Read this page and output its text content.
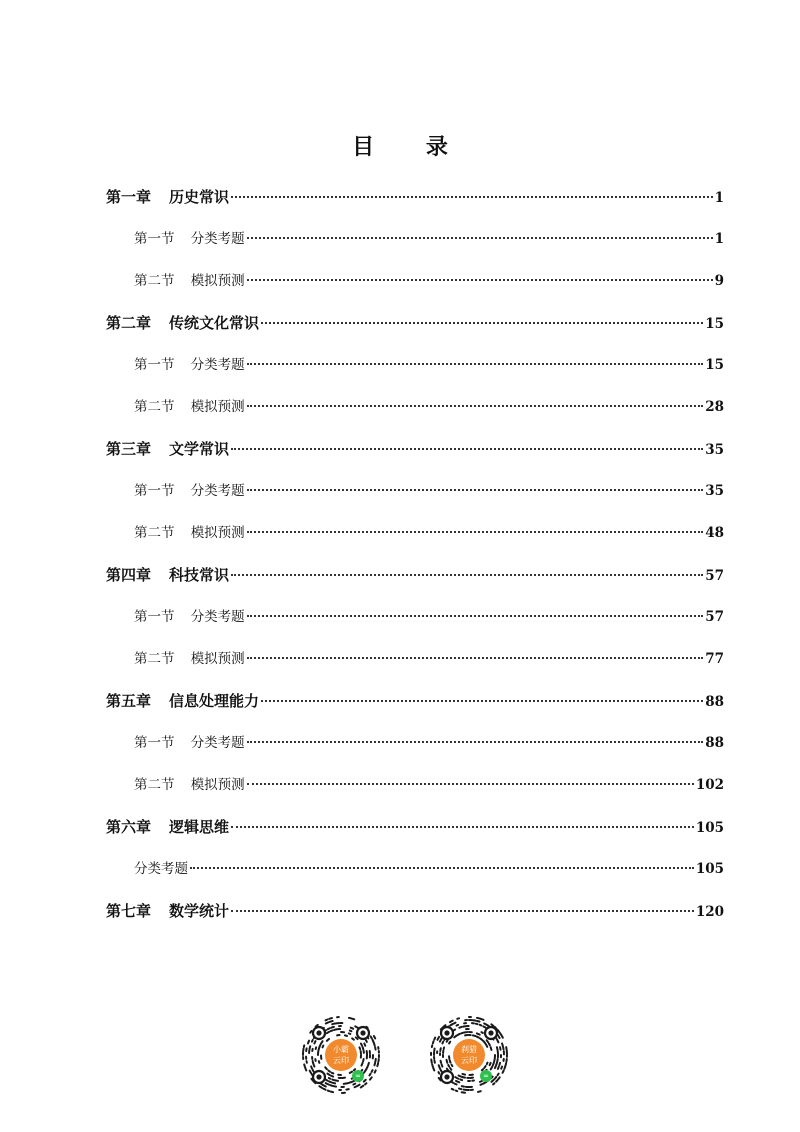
目 录
第一章 历史常识	1
第一节 分类考题	1
第二节 模拟预测	9
第二章 传统文化常识	15
第一节 分类考题	15
第二节 模拟预测	28
第三章 文学常识	35
第一节 分类考题	35
第二节 模拟预测	48
第四章 科技常识	57
第一节 分类考题	57
第二节 模拟预测	77
第五章 信息处理能力	88
第一节 分类考题	88
第二节 模拟预测	102
第六章 逻辑思维	105
分类考题	105
第七章 数学统计	120
小霸
云印
∞
刹猎
云印
∞
